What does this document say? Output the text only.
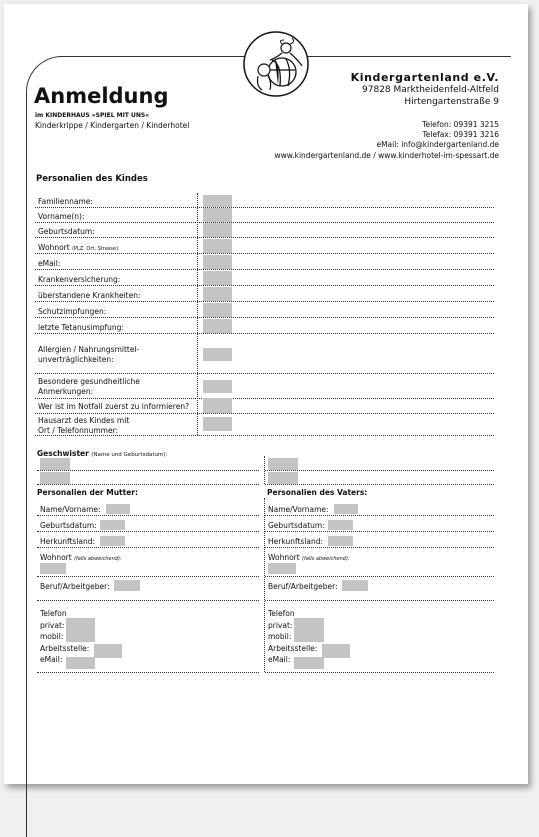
Anmeldung
im KINDERHAUS »SPIEL MIT UNS«
Kinderkrippe / Kindergarten / Kinderhotel
Kindergartenland e.V.
97828 Marktheidenfeld-Altfeld
Hirtengartenstraße 9
Telefon: 09391 3215
Telefax: 09391 3216
eMail: info@kindergartenland.de
www.kindergartenland.de / www.kinderhotel-im-spessart.de
Personalien des Kindes
Familienname:
Vorname(n):
Geburtsdatum:
Wohnort (PLZ, Ort, Strasse):
eMail:
Krankenversicherung:
überstandene Krankheiten:
Schutzimpfungen:
letzte Tetanusimpfung:
Allergien / Nahrungsmittel-
unverträglichkeiten:
Besondere gesundheitliche
Anmerkungen:
Wer ist im Notfall zuerst zu informieren?
Hausarzt des Kindes mit
Ort / Telefonnummer:
Geschwister (Name und Geburtsdatum):
Personalien der Mutter:	Personalien des Vaters:
Name/Vorname:
Geburtsdatum:
Herkunftsland:
Wohnort (falls abweichend):
Beruf/Arbeitgeber:
Telefon
privat:
mobil:
Arbeitsstelle:
eMail:
Name/Vorname:
Geburtsdatum:
Herkunftsland:
Wohnort (falls abweichend):
Beruf/Arbeitgeber:
Telefon
privat:
mobil:
Arbeitsstelle:
eMail:
